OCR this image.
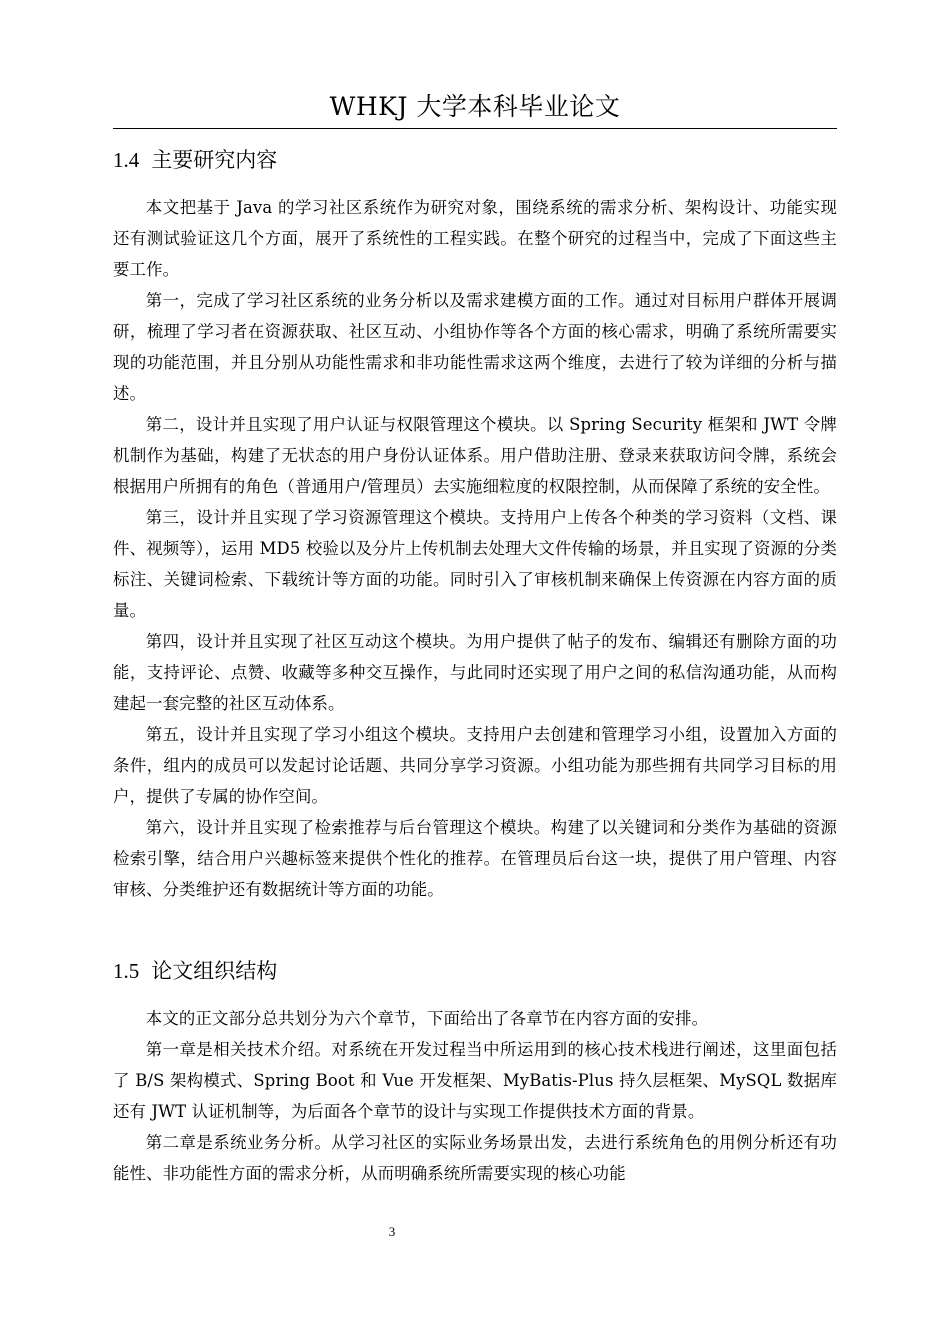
WHKJ 大学本科毕业论文
1.4 主要研究内容

本文把基于 Java 的学习社区系统作为研究对象，围绕系统的需求分析、架构设计、功能实现还有测试验证这几个方面，展开了系统性的工程实践。在整个研究的过程当中，完成了下面这些主要工作。

第一，完成了学习社区系统的业务分析以及需求建模方面的工作。通过对目标用户群体开展调研，梳理了学习者在资源获取、社区互动、小组协作等各个方面的核心需求，明确了系统所需要实现的功能范围，并且分别从功能性需求和非功能性需求这两个维度，去进行了较为详细的分析与描述。

第二，设计并且实现了用户认证与权限管理这个模块。以 Spring Security 框架和 JWT 令牌机制作为基础，构建了无状态的用户身份认证体系。用户借助注册、登录来获取访问令牌，系统会根据用户所拥有的角色（普通用户/管理员）去实施细粒度的权限控制，从而保障了系统的安全性。

第三，设计并且实现了学习资源管理这个模块。支持用户上传各个种类的学习资料（文档、课件、视频等），运用 MD5 校验以及分片上传机制去处理大文件传输的场景，并且实现了资源的分类标注、关键词检索、下载统计等方面的功能。同时引入了审核机制来确保上传资源在内容方面的质量。

第四，设计并且实现了社区互动这个模块。为用户提供了帖子的发布、编辑还有删除方面的功能，支持评论、点赞、收藏等多种交互操作，与此同时还实现了用户之间的私信沟通功能，从而构建起一套完整的社区互动体系。

第五，设计并且实现了学习小组这个模块。支持用户去创建和管理学习小组，设置加入方面的条件，组内的成员可以发起讨论话题、共同分享学习资源。小组功能为那些拥有共同学习目标的用户，提供了专属的协作空间。

第六，设计并且实现了检索推荐与后台管理这个模块。构建了以关键词和分类作为基础的资源检索引擎，结合用户兴趣标签来提供个性化的推荐。在管理员后台这一块，提供了用户管理、内容审核、分类维护还有数据统计等方面的功能。

1.5 论文组织结构

本文的正文部分总共划分为六个章节，下面给出了各章节在内容方面的安排。

第一章是相关技术介绍。对系统在开发过程当中所运用到的核心技术栈进行阐述，这里面包括了 B/S 架构模式、Spring Boot 和 Vue 开发框架、MyBatis-Plus 持久层框架、MySQL 数据库还有 JWT 认证机制等，为后面各个章节的设计与实现工作提供技术方面的背景。

第二章是系统业务分析。从学习社区的实际业务场景出发，去进行系统角色的用例分析还有功能性、非功能性方面的需求分析，从而明确系统所需要实现的核心功能

3
